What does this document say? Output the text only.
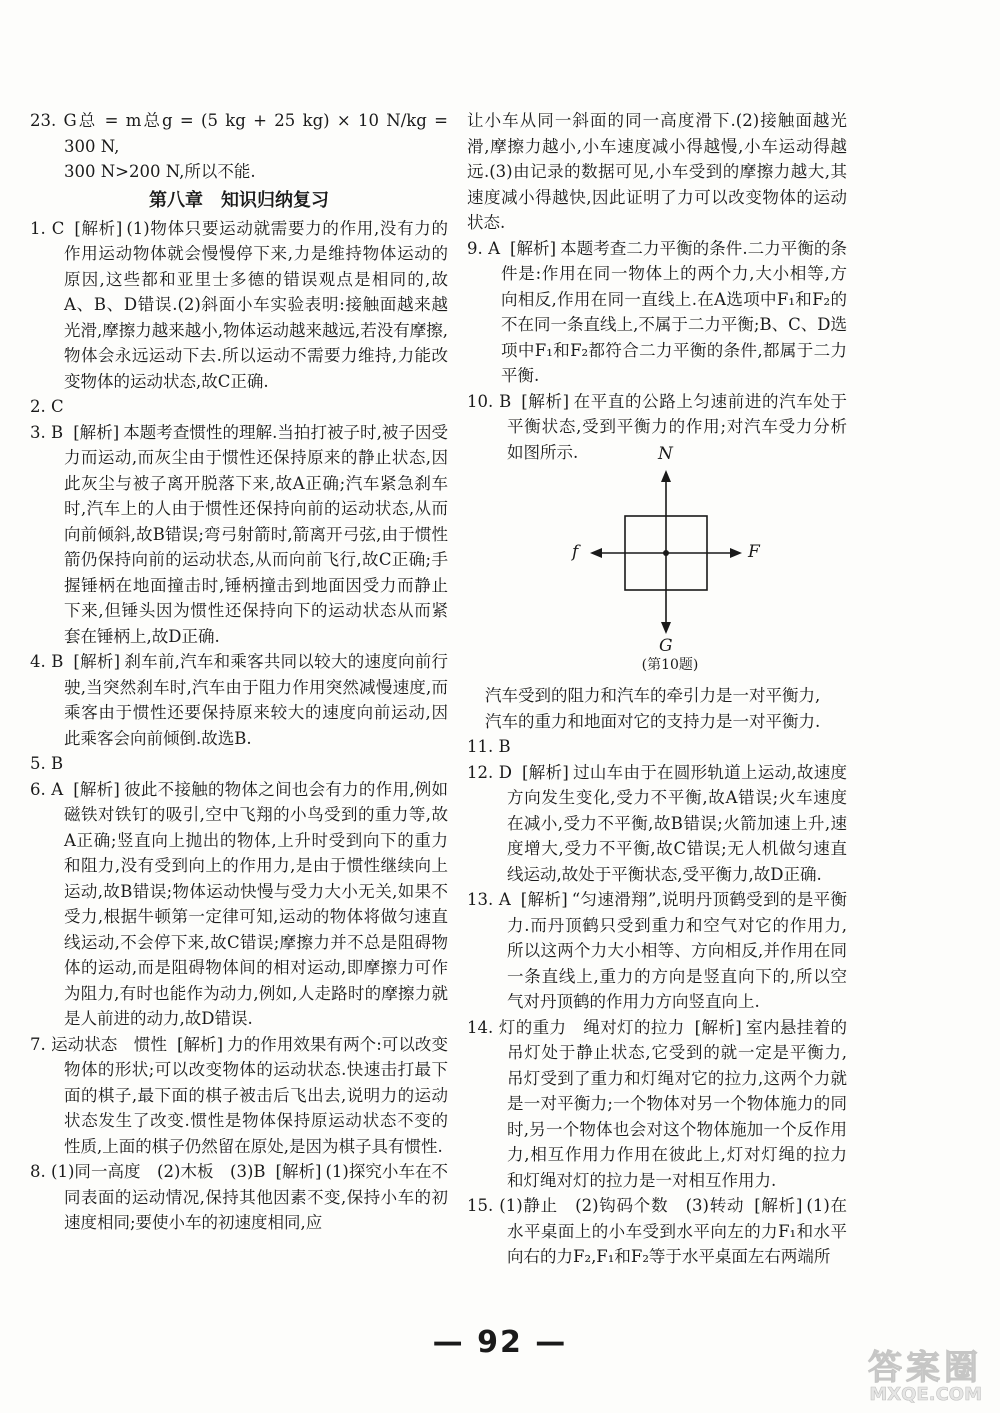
23. G总 = m总g = (5 kg + 25 kg) × 10 N/kg = 300 N,

300 N>200 N,所以不能.

第八章　知识归纳复习

1. C [解析] (1)物体只要运动就需要力的作用,没有力的作用运动物体就会慢慢停下来,力是维持物体运动的原因,这些都和亚里士多德的错误观点是相同的,故A、B、D错误.(2)斜面小车实验表明:接触面越来越光滑,摩擦力越来越小,物体运动越来越远,若没有摩擦,物体会永远运动下去.所以运动不需要力维持,力能改变物体的运动状态,故C正确.

2. C

3. B [解析] 本题考查惯性的理解.当拍打被子时,被子因受力而运动,而灰尘由于惯性还保持原来的静止状态,因此灰尘与被子离开脱落下来,故A正确;汽车紧急刹车时,汽车上的人由于惯性还保持向前的运动状态,从而向前倾斜,故B错误;弯弓射箭时,箭离开弓弦,由于惯性箭仍保持向前的运动状态,从而向前飞行,故C正确;手握锤柄在地面撞击时,锤柄撞击到地面因受力而静止下来,但锤头因为惯性还保持向下的运动状态从而紧套在锤柄上,故D正确.

4. B [解析] 刹车前,汽车和乘客共同以较大的速度向前行驶,当突然刹车时,汽车由于阻力作用突然减慢速度,而乘客由于惯性还要保持原来较大的速度向前运动,因此乘客会向前倾倒.故选B.

5. B

6. A [解析] 彼此不接触的物体之间也会有力的作用,例如磁铁对铁钉的吸引,空中飞翔的小鸟受到的重力等,故A正确;竖直向上抛出的物体,上升时受到向下的重力和阻力,没有受到向上的作用力,是由于惯性继续向上运动,故B错误;物体运动快慢与受力大小无关,如果不受力,根据牛顿第一定律可知,运动的物体将做匀速直线运动,不会停下来,故C错误;摩擦力并不总是阻碍物体的运动,而是阻碍物体间的相对运动,即摩擦力可作为阻力,有时也能作为动力,例如,人走路时的摩擦力就是人前进的动力,故D错误.

7. 运动状态　惯性 [解析] 力的作用效果有两个:可以改变物体的形状;可以改变物体的运动状态.快速击打最下面的棋子,最下面的棋子被击后飞出去,说明力的运动状态发生了改变.惯性是物体保持原运动状态不变的性质,上面的棋子仍然留在原处,是因为棋子具有惯性.

8. (1)同一高度　(2)木板　(3)B [解析] (1)探究小车在不同表面的运动情况,保持其他因素不变,保持小车的初速度相同;要使小车的初速度相同,应

让小车从同一斜面的同一高度滑下.(2)接触面越光滑,摩擦力越小,小车速度减小得越慢,小车运动得越远.(3)由记录的数据可见,小车受到的摩擦力越大,其速度减小得越快,因此证明了力可以改变物体的运动状态.

9. A [解析] 本题考查二力平衡的条件.二力平衡的条件是:作用在同一物体上的两个力,大小相等,方向相反,作用在同一直线上.在A选项中F₁和F₂的不在同一条直线上,不属于二力平衡;B、C、D选项中F₁和F₂都符合二力平衡的条件,都属于二力平衡.

10. B [解析] 在平直的公路上匀速前进的汽车处于平衡状态,受到平衡力的作用;对汽车受力分析如图所示.	N
f	F
G
(第10题)

汽车受到的阻力和汽车的牵引力是一对平衡力,

汽车的重力和地面对它的支持力是一对平衡力.

11. B

12. D [解析] 过山车由于在圆形轨道上运动,故速度方向发生变化,受力不平衡,故A错误;火车速度在减小,受力不平衡,故B错误;火箭加速上升,速度增大,受力不平衡,故C错误;无人机做匀速直线运动,故处于平衡状态,受平衡力,故D正确.

13. A [解析] “匀速滑翔”,说明丹顶鹤受到的是平衡力.而丹顶鹤只受到重力和空气对它的作用力,所以这两个力大小相等、方向相反,并作用在同一条直线上,重力的方向是竖直向下的,所以空气对丹顶鹤的作用力方向竖直向上.

14. 灯的重力　绳对灯的拉力 [解析] 室内悬挂着的吊灯处于静止状态,它受到的就一定是平衡力,吊灯受到了重力和灯绳对它的拉力,这两个力就是一对平衡力;一个物体对另一个物体施力的同时,另一个物体也会对这个物体施加一个反作用力,相互作用力作用在彼此上,灯对灯绳的拉力和灯绳对灯的拉力是一对相互作用力.

15. (1)静止　(2)钩码个数　(3)转动 [解析] (1)在水平桌面上的小车受到水平向左的力F₁和水平向右的力F₂,F₁和F₂等于水平桌面左右两端所

— 92 —
答案圈
MXQE.COM
